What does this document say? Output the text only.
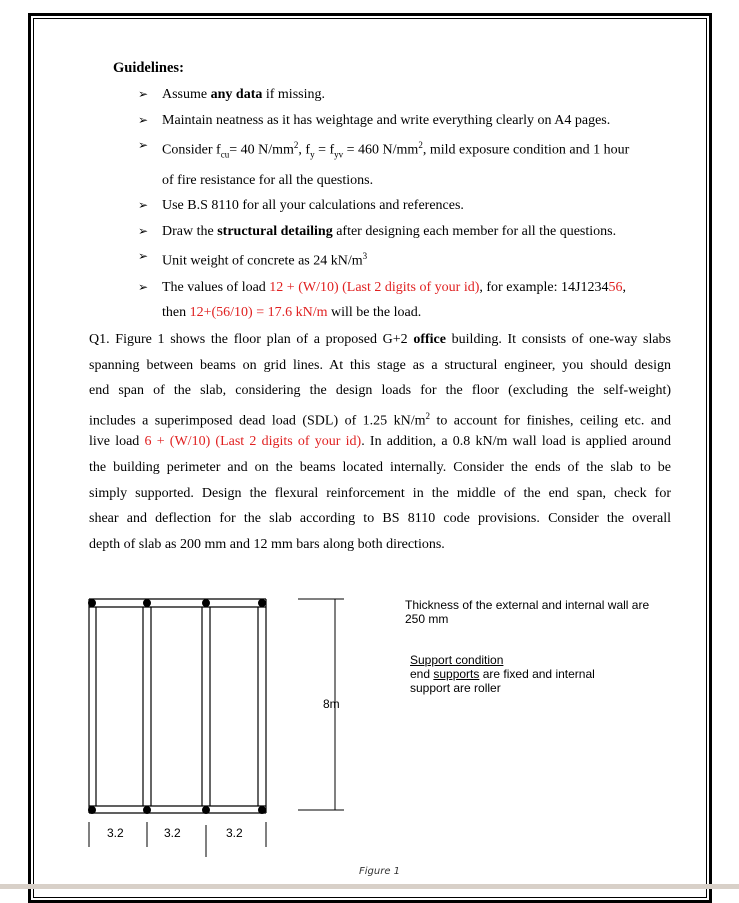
Guidelines:
➢ Assume any data if missing.
➢ Maintain neatness as it has weightage and write everything clearly on A4 pages.
➢ Consider $f_{cu}= 40$ $N/mm^2$, $f_y = f_{yv} = 460$ $N/mm^2$, mild exposure condition and 1 hour
of fire resistance for all the questions.
➢ Use B.S 8110 for all your calculations and references.
➢ Draw the structural detailing after designing each member for all the questions.
➢ Unit weight of concrete as 24 $kN/m^3$
➢ The values of load 12 + (W/10) (Last 2 digits of your id), for example: 14J123456,
then 12+(56/10) = 17.6 kN/m will be the load.
Q1. Figure 1 shows the floor plan of a proposed G+2 office building. It consists of one-way slabs
spanning between beams on grid lines. At this stage as a structural engineer, you should design
end span of the slab, considering the design loads for the floor (excluding the self-weight)
includes a superimposed dead load (SDL) of 1.25 $kN/m^2$ to account for finishes, ceiling etc. and
live load 6 + (W/10) (Last 2 digits of your id). In addition, a 0.8 kN/m wall load is applied around
the building perimeter and on the beams located internally. Consider the ends of the slab to be
simply supported. Design the flexural reinforcement in the middle of the end span, check for
shear and deflection for the slab according to BS 8110 code provisions. Consider the overall
depth of slab as 200 mm and 12 mm bars along both directions.
8m
3.2	3.2	3.2
Thickness of the external and internal wall are
250 mm
Support condition
end supports are fixed and internal
support are roller
Figure 1
